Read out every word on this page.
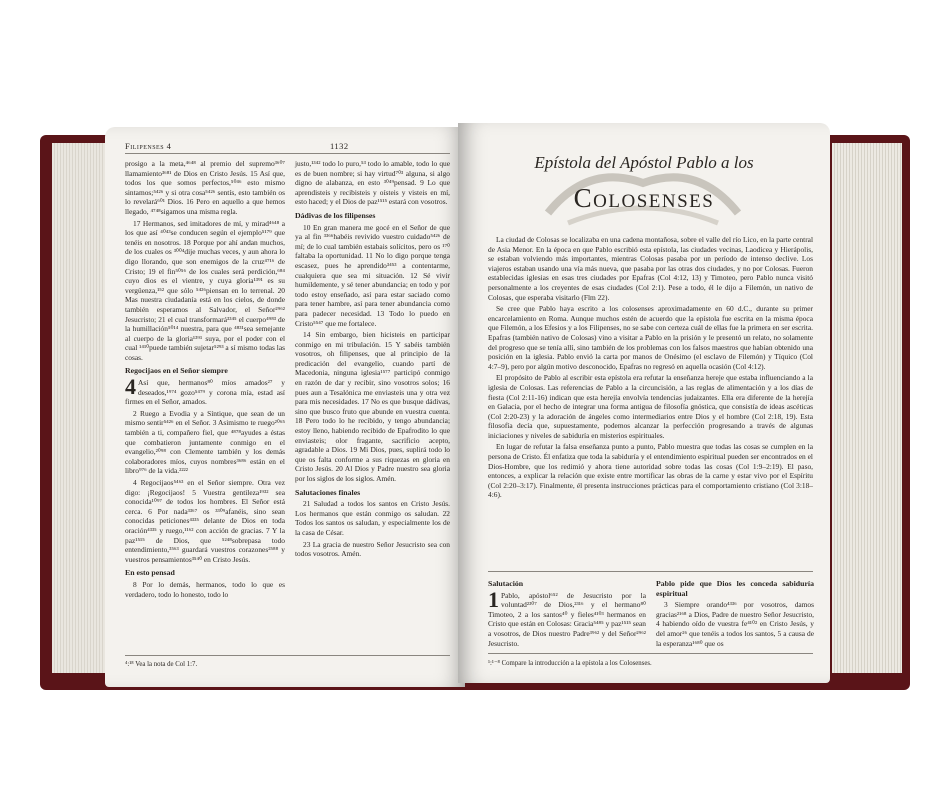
Filipenses 4	1132

prosigo a la meta,⁴⁶⁴⁸ al premio del supremo³⁶⁰⁷ llamamiento³⁶⁸¹ de Dios en Cristo Jesús. 15 Así que, todos los que somos perfectos,⁵⁰⁴⁶ esto mismo sintamos;⁵⁴²⁶ y si otra cosa⁵⁴²⁶ sentís, esto también os lo revelará⁶⁰¹ Dios. 16 Pero en aquello a que hemos llegado, ⁴⁷⁴⁸sigamos una misma regla.

17 Hermanos, sed imitadores de mí, y mirad⁴⁶⁴⁸ a los que así ⁴⁰⁴³se conducen según el ejemplo⁵¹⁷⁹ que tenéis en nosotros. 18 Porque por ahí andan muchos, de los cuales os ³⁰⁰⁴dije muchas veces, y aun ahora lo digo llorando, que son enemigos de la cruz⁴⁷¹⁶ de Cristo; 19 el fin⁵⁰⁵⁶ de los cuales será perdición,⁶⁸⁴ cuyo dios es el vientre, y cuya gloria¹³⁹¹ es su vergüenza,¹⁵² que sólo ⁵⁴²⁶piensan en lo terrenal. 20 Mas nuestra ciudadanía está en los cielos, de donde también esperamos al Salvador, el Señor²⁹⁶² Jesucristo; 21 el cual transformará³³⁴⁵ el cuerpo⁴⁹⁸³ de la humillación⁵⁰¹⁴ nuestra, para que ⁴⁸³¹sea semejante al cuerpo de la gloria¹³⁹¹ suya, por el poder con el cual ¹⁴¹⁰puede también sujetar⁵²⁹³ a sí mismo todas las cosas.

Regocijaos en el Señor siempre

4 Así que, hermanos⁸⁰ míos amados²⁷ y deseados,¹⁹⁷⁴ gozo⁵⁴⁷⁹ y corona mía, estad así firmes en el Señor, amados.

2 Ruego a Evodia y a Síntique, que sean de un mismo sentir⁵⁴²⁶ en el Señor. 3 Asimismo te ruego²⁰⁶⁵ también a ti, compañero fiel, que ⁴⁸⁷⁸ayudes a éstas que combatieron juntamente conmigo en el evangelio,²⁰⁹⁸ con Clemente también y los demás colaboradores míos, cuyos nombres³⁶⁸⁶ están en el libro⁹⁷⁶ de la vida.²²²²

4 Regocijaos⁵⁴⁶³ en el Señor siempre. Otra vez digo: ¡Regocijaos! 5 Vuestra gentileza¹⁹³² sea conocida¹⁰⁹⁷ de todos los hombres. El Señor está cerca. 6 Por nada³³⁶⁷ os ³³⁰⁹afanéis, sino sean conocidas peticiones⁴³³⁵ delante de Dios en toda oración⁴³³⁵ y ruego,¹¹⁶² con acción de gracias. 7 Y la paz¹⁵¹⁵ de Dios, que ⁵²⁴⁸sobrepasa todo entendimiento,³⁵⁶³ guardará vuestros corazones²⁵⁸⁸ y vuestros pensamientos³⁵⁴⁰ en Cristo Jesús.

En esto pensad

8 Por lo demás, hermanos, todo lo que es verdadero, todo lo honesto, todo lo

justo,¹³⁴² todo lo puro,⁵³ todo lo amable, todo lo que es de buen nombre; si hay virtud⁷⁰³ alguna, si algo digno de alabanza, en esto ³⁰⁴⁹pensad. 9 Lo que aprendisteis y recibisteis y oísteis y visteis en mí, esto haced; y el Dios de paz¹⁵¹⁵ estará con vosotros.

Dádivas de los filipenses

10 En gran manera me gocé en el Señor de que ya al fin ³³⁶⁶habéis revivido vuestro cuidado⁵⁴²⁶ de mí; de lo cual también estabais solícitos, pero os ¹⁷⁰ faltaba la oportunidad. 11 No lo digo porque tenga escasez, pues he aprendido³⁴⁵³ a contentarme, cualquiera que sea mi situación. 12 Sé vivir humildemente, y sé tener abundancia; en todo y por todo estoy enseñado, así para estar saciado como para tener hambre, así para tener abundancia como para padecer necesidad. 13 Todo lo puedo en Cristo⁵⁵⁴⁷ que me fortalece.

14 Sin embargo, bien hicisteis en participar conmigo en mi tribulación. 15 Y sabéis también vosotros, oh filipenses, que al principio de la predicación del evangelio, cuando partí de Macedonia, ninguna iglesia¹⁵⁷⁷ participó conmigo en razón de dar y recibir, sino vosotros solos; 16 pues aun a Tesalónica me enviasteis una y otra vez para mis necesidades. 17 No es que busque dádivas, sino que busco fruto que abunde en vuestra cuenta. 18 Pero todo lo he recibido, y tengo abundancia; estoy lleno, habiendo recibido de Epafrodito lo que enviasteis; olor fragante, sacrificio acepto, agradable a Dios. 19 Mi Dios, pues, suplirá todo lo que os falta conforme a sus riquezas en gloria en Cristo Jesús. 20 Al Dios y Padre nuestro sea gloria por los siglos de los siglos. Amén.

Salutaciones finales

21 Saludad a todos los santos en Cristo Jesús. Los hermanos que están conmigo os saludan. 22 Todos los santos os saludan, y especialmente los de la casa de César.

23 La gracia de nuestro Señor Jesucristo sea con todos vosotros. Amén.

⁴:¹⁸ Vea la nota de Col 1:7.
Epístola del Apóstol Pablo a los
Colosenses

La ciudad de Colosas se localizaba en una cadena montañosa, sobre el valle del río Lico, en la parte central de Asia Menor. En la época en que Pablo escribió esta epístola, las ciudades vecinas, Laodicea y Hierápolis, se estaban volviendo más importantes, mientras Colosas pasaba por un período de intenso declive. Los viajeros estaban usando una vía más nueva, que pasaba por las otras dos ciudades, y no por Colosas. Fueron establecidas iglesias en esas tres ciudades por Epafras (Col 4:12, 13) y Timoteo, pero Pablo nunca visitó personalmente a los creyentes de esas ciudades (Col 2:1). Pese a todo, él le dijo a Filemón, un nativo de Colosas, que esperaba visitarlo (Flm 22).

Se cree que Pablo haya escrito a los colosenses aproximadamente en 60 d.C., durante su primer encarcelamiento en Roma. Aunque muchos estén de acuerdo que la epístola fue escrita en la misma época que Filemón, a los Efesios y a los Filipenses, no se sabe con certeza cuál de ellas fue la primera en ser escrita. Epafras (también nativo de Colosas) vino a visitar a Pablo en la prisión y le presentó un relato, no solamente del progreso que se tenía allí, sino también de los problemas con los falsos maestros que habían obtenido una posición en la iglesia. Pablo envió la carta por manos de Onésimo (el esclavo de Filemón) y Tíquico (Col 4:7–9), pero por algún motivo desconocido, Epafras no regresó en aquella ocasión (Col 4:12).

El propósito de Pablo al escribir esta epístola era refutar la enseñanza hereje que estaba influenciando a la iglesia de Colosas. Las referencias de Pablo a la circuncisión, a las reglas de alimentación y a los días de fiesta (Col 2:11-16) indican que esta herejía envolvía tendencias judaizantes. Ella era diferente de la herejía en Galacia, por el hecho de integrar una forma antigua de filosofía gnóstica, que consistía de ideas ascéticas (Col 2:20-23) y la adoración de ángeles como intermediarios entre Dios y el hombre (Col 2:18, 19). Esta filosofía decía que, supuestamente, podemos alcanzar la perfección progresando a través de algunas iniciaciones y niveles de sabiduría en misterios espirituales.

En lugar de refutar la falsa enseñanza punto a punto, Pablo muestra que todas las cosas se cumplen en la persona de Cristo. Él enfatiza que toda la sabiduría y el entendimiento espiritual pueden ser encontrados en el Dios-Hombre, que los redimió y ahora tiene autoridad sobre todas las cosas (Col 1:9–2:19). El paso, entonces, a explicar la relación que existe entre mortificar las obras de la carne y estar vivo por el Espíritu (Col 2:20–3:17). Finalmente, él presenta instrucciones prácticas para el comportamiento cristiano (Col 3:18–4:6).

Salutación

1 Pablo, apóstol⁶⁵² de Jesucristo por la voluntad²³⁰⁷ de Dios,²³¹⁶ y el hermano⁸⁰ Timoteo, 2 a los santos⁴⁰ y fieles⁴¹⁰³ hermanos en Cristo que están en Colosas: Gracia⁵⁴⁸⁵ y paz¹⁵¹⁵ sean a vosotros, de Dios nuestro Padre³⁹⁶² y del Señor²⁹⁶² Jesucristo.

Pablo pide que Dios les conceda sabiduría espiritual

3 Siempre orando⁴³³⁶ por vosotros, damos gracias²¹⁶⁸ a Dios, Padre de nuestro Señor Jesucristo, 4 habiendo oído de vuestra fe⁴¹⁰² en Cristo Jesús, y del amor²⁶ que tenéis a todos los santos, 5 a causa de la esperanza¹⁶⁸⁰ que os

¹:¹⁻⁸ Compare la introducción a la epístola a los Colosenses.
